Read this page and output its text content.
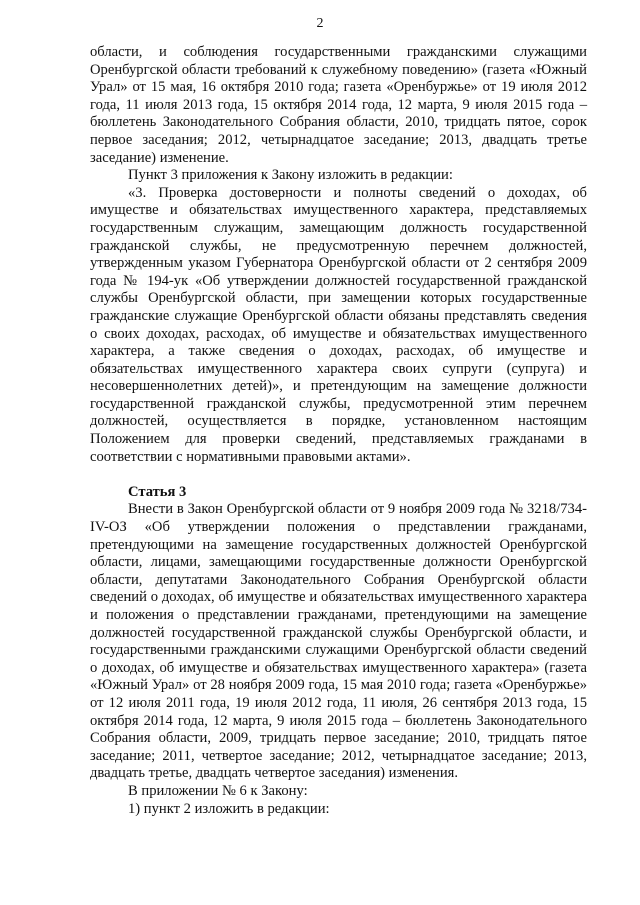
2

области, и соблюдения государственными гражданскими служащими Оренбургской области требований к служебному поведению» (газета «Южный Урал» от 15 мая, 16 октября 2010 года; газета «Оренбуржье» от 19 июля 2012 года, 11 июля 2013 года, 15 октября 2014 года, 12 марта, 9 июля 2015 года – бюллетень Законодательного Собрания области, 2010, тридцать пятое, сорок первое заседания; 2012, четырнадцатое заседание; 2013, двадцать третье заседание) изменение.

Пункт 3 приложения к Закону изложить в редакции:

«3. Проверка достоверности и полноты сведений о доходах, об имуществе и обязательствах имущественного характера, представляемых государственным служащим, замещающим должность государственной гражданской службы, не предусмотренную перечнем должностей, утвержденным указом Губернатора Оренбургской области от 2 сентября 2009 года № 194-ук «Об утверждении должностей государственной гражданской службы Оренбургской области, при замещении которых государственные гражданские служащие Оренбургской области обязаны представлять сведения о своих доходах, расходах, об имуществе и обязательствах имущественного характера, а также сведения о доходах, расходах, об имуществе и обязательствах имущественного характера своих супруги (супруга) и несовершеннолетних детей)», и претендующим на замещение должности государственной гражданской службы, предусмотренной этим перечнем должностей, осуществляется в порядке, установленном настоящим Положением для проверки сведений, представляемых гражданами в соответствии с нормативными правовыми актами».

Статья 3

Внести в Закон Оренбургской области от 9 ноября 2009 года № 3218/734-IV-ОЗ «Об утверждении положения о представлении гражданами, претендующими на замещение государственных должностей Оренбургской области, лицами, замещающими государственные должности Оренбургской области, депутатами Законодательного Собрания Оренбургской области сведений о доходах, об имуществе и обязательствах имущественного характера и положения о представлении гражданами, претендующими на замещение должностей государственной гражданской службы Оренбургской области, и государственными гражданскими служащими Оренбургской области сведений о доходах, об имуществе и обязательствах имущественного характера» (газета «Южный Урал» от 28 ноября 2009 года, 15 мая 2010 года; газета «Оренбуржье» от 12 июля 2011 года, 19 июля 2012 года, 11 июля, 26 сентября 2013 года, 15 октября 2014 года, 12 марта, 9 июля 2015 года – бюллетень Законодательного Собрания области, 2009, тридцать первое заседание; 2010, тридцать пятое заседание; 2011, четвертое заседание; 2012, четырнадцатое заседание; 2013, двадцать третье, двадцать четвертое заседания) изменения.

В приложении № 6 к Закону:

1) пункт 2 изложить в редакции:
